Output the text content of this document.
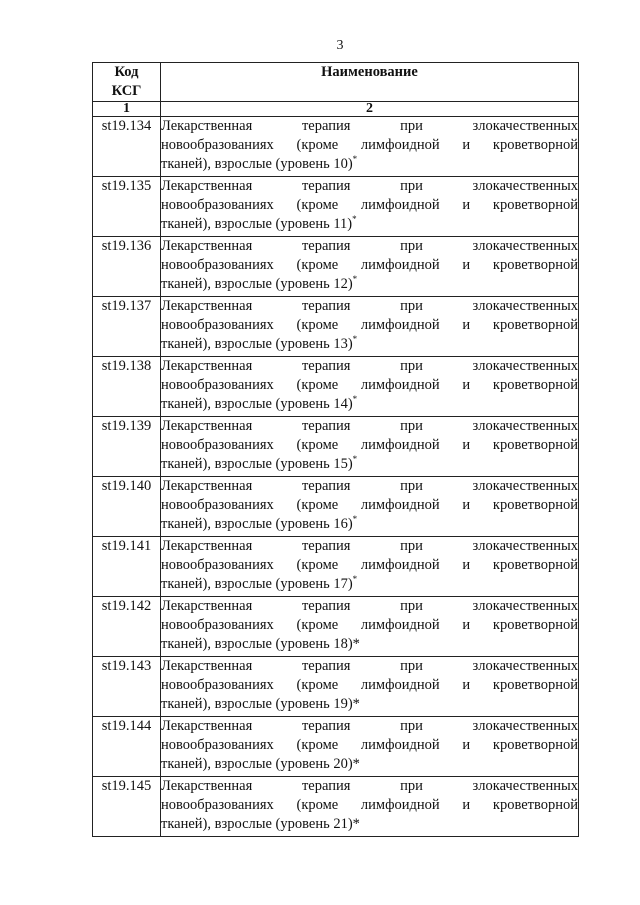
3
Код
КСГ	Наименование
1	2
st19.134	Лекарственная терапия при злокачественных
новообразованиях (кроме лимфоидной и кроветворной
тканей), взрослые (уровень 10)*

st19.135	Лекарственная терапия при злокачественных
новообразованиях (кроме лимфоидной и кроветворной
тканей), взрослые (уровень 11)*

st19.136	Лекарственная терапия при злокачественных
новообразованиях (кроме лимфоидной и кроветворной
тканей), взрослые (уровень 12)*

st19.137	Лекарственная терапия при злокачественных
новообразованиях (кроме лимфоидной и кроветворной
тканей), взрослые (уровень 13)*

st19.138	Лекарственная терапия при злокачественных
новообразованиях (кроме лимфоидной и кроветворной
тканей), взрослые (уровень 14)*

st19.139	Лекарственная терапия при злокачественных
новообразованиях (кроме лимфоидной и кроветворной
тканей), взрослые (уровень 15)*

st19.140	Лекарственная терапия при злокачественных
новообразованиях (кроме лимфоидной и кроветворной
тканей), взрослые (уровень 16)*

st19.141	Лекарственная терапия при злокачественных
новообразованиях (кроме лимфоидной и кроветворной
тканей), взрослые (уровень 17)*

st19.142	Лекарственная терапия при злокачественных
новообразованиях (кроме лимфоидной и кроветворной
тканей), взрослые (уровень 18)*

st19.143	Лекарственная терапия при злокачественных
новообразованиях (кроме лимфоидной и кроветворной
тканей), взрослые (уровень 19)*

st19.144	Лекарственная терапия при злокачественных
новообразованиях (кроме лимфоидной и кроветворной
тканей), взрослые (уровень 20)*

st19.145	Лекарственная терапия при злокачественных
новообразованиях (кроме лимфоидной и кроветворной
тканей), взрослые (уровень 21)*
